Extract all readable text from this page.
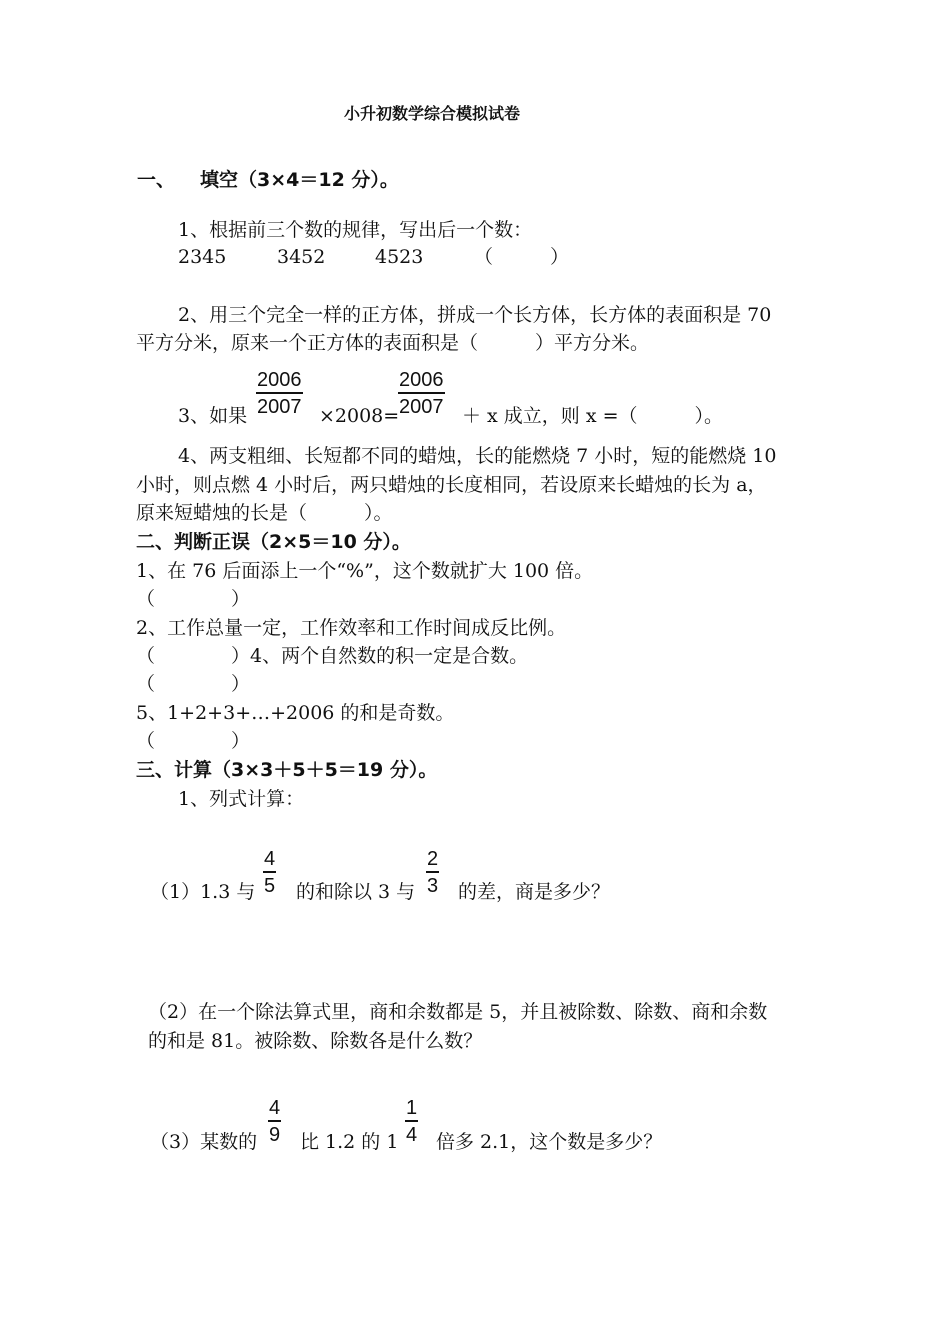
小升初数学综合模拟试卷
一、 填空（3×4＝12 分）。
1、根据前三个数的规律，写出后一个数：
2345	3452	4523	（　　　）
2、用三个完全一样的正方体，拼成一个长方体，长方体的表面积是 70
平方分米，原来一个正方体的表面积是（　　　）平方分米。
3、如果
2006
2007 ×2008=
2006
2007 ＋ x 成立，则 x =（　　　）。
4、两支粗细、长短都不同的蜡烛，长的能燃烧 7 小时，短的能燃烧 10
小时，则点燃 4 小时后，两只蜡烛的长度相同，若设原来长蜡烛的长为 a，
原来短蜡烛的长是（　　　）。
二、判断正误（2×5＝10 分）。
1、在 76 后面添上一个“%”，这个数就扩大 100 倍。
（　　　　）
2、工作总量一定，工作效率和工作时间成反比例。
（　　　　）4、两个自然数的积一定是合数。
（　　　　）
5、1+2+3+…+2006 的和是奇数。
（　　　　）
三、计算（3×3＋5＋5＝19 分）。
1、列式计算：
（1）1.3 与
4
5 的和除以 3 与
2
3 的差，商是多少？
（2）在一个除法算式里，商和余数都是 5，并且被除数、除数、商和余数
的和是 81。被除数、除数各是什么数？
（3）某数的
4
9 比 1.2 的 1
1
4 倍多 2.1，这个数是多少？
